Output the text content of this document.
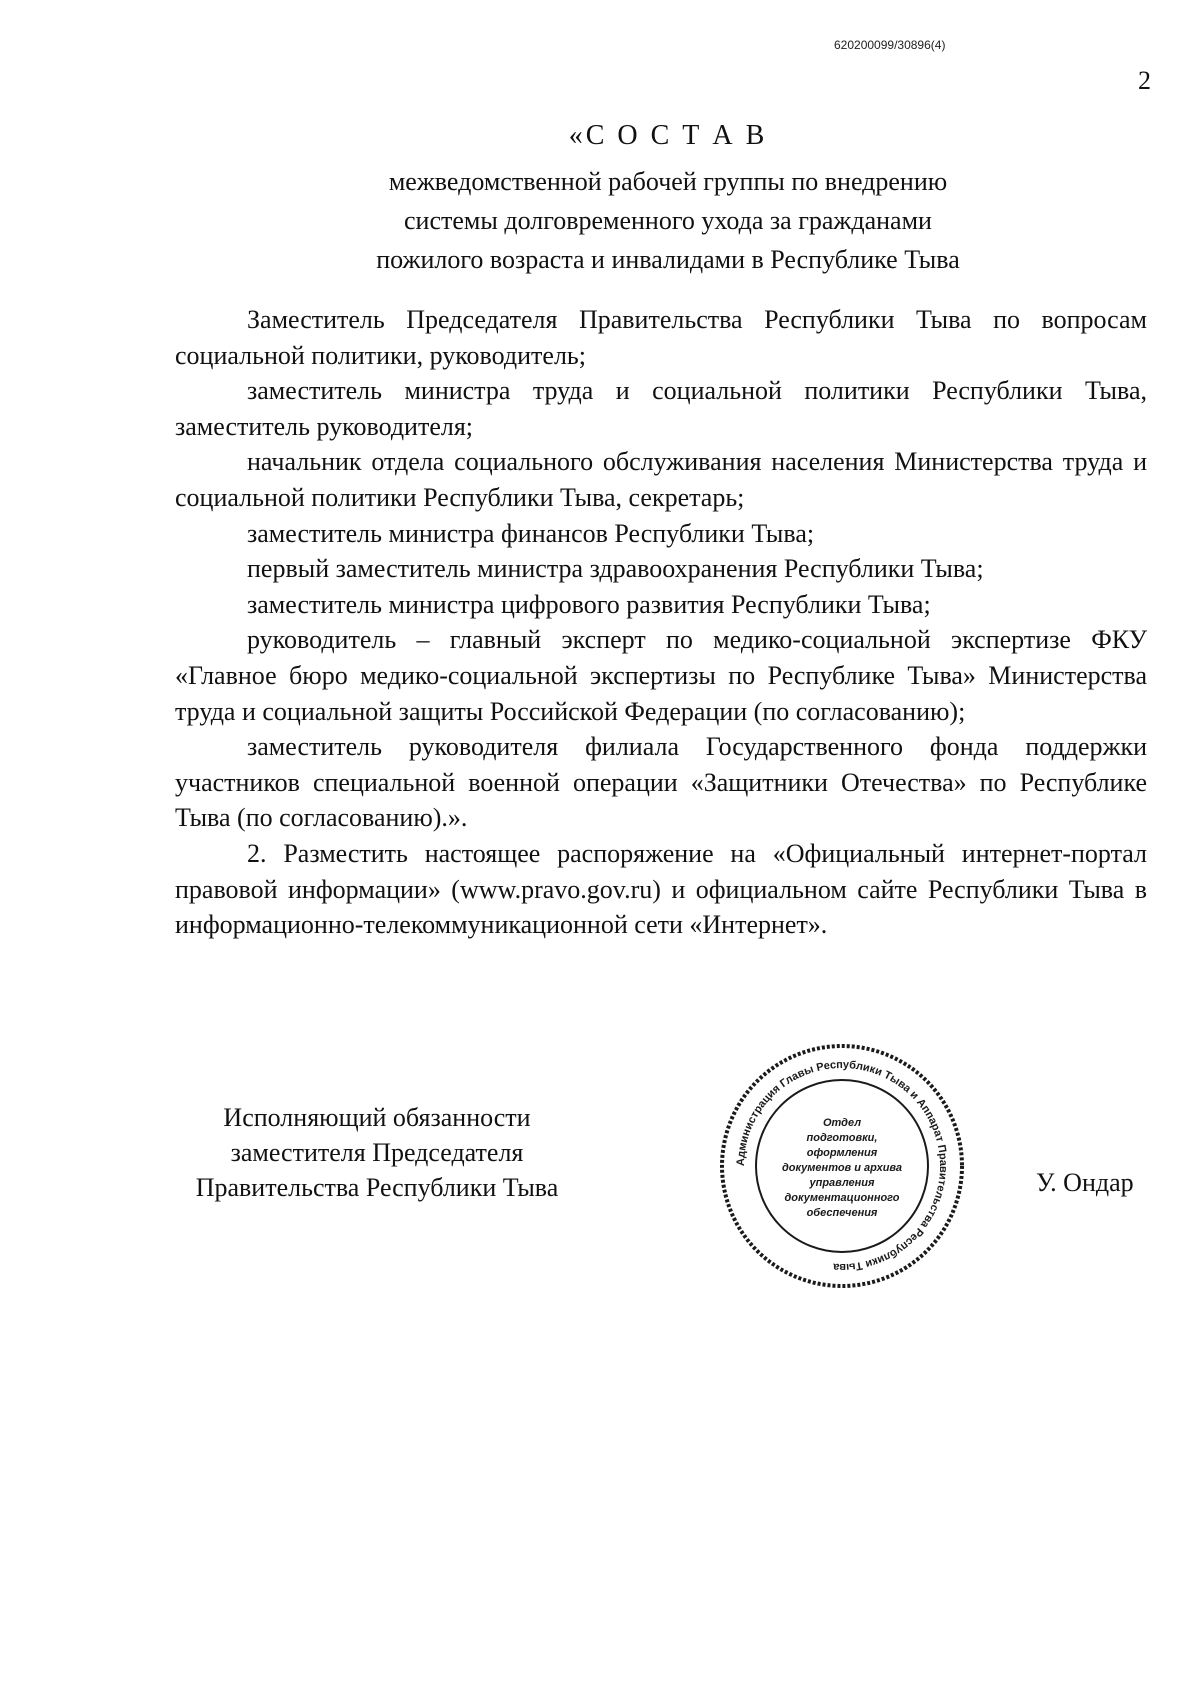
620200099/30896(4)
2
«С О С Т А В
межведомственной рабочей группы по внедрению
системы долговременного ухода за гражданами
пожилого возраста и инвалидами в Республике Тыва

Заместитель Председателя Правительства Республики Тыва по вопросам социальной политики, руководитель;

заместитель министра труда и социальной политики Республики Тыва, заместитель руководителя;

начальник отдела социального обслуживания населения Министерства труда и социальной политики Республики Тыва, секретарь;

заместитель министра финансов Республики Тыва;

первый заместитель министра здравоохранения Республики Тыва;

заместитель министра цифрового развития Республики Тыва;

руководитель – главный эксперт по медико-социальной экспертизе ФКУ «Главное бюро медико-социальной экспертизы по Республике Тыва» Министерства труда и социальной защиты Российской Федерации (по согласованию);

заместитель руководителя филиала Государственного фонда поддержки участников специальной военной операции «Защитники Отечества» по Республике Тыва (по согласованию).».

2. Разместить настоящее распоряжение на «Официальный интернет-портал правовой информации» (www.pravo.gov.ru) и официальном сайте Республики Тыва в информационно-телекоммуникационной сети «Интернет».

Исполняющий обязанности
заместителя Председателя
Правительства Республики Тыва
Администрация Главы Республики Тыва и Аппарат Правительства Республики Тыва
Отдел
подготовки,
оформления
документов и архива
управления
документационного
обеспечения
У. Ондар
